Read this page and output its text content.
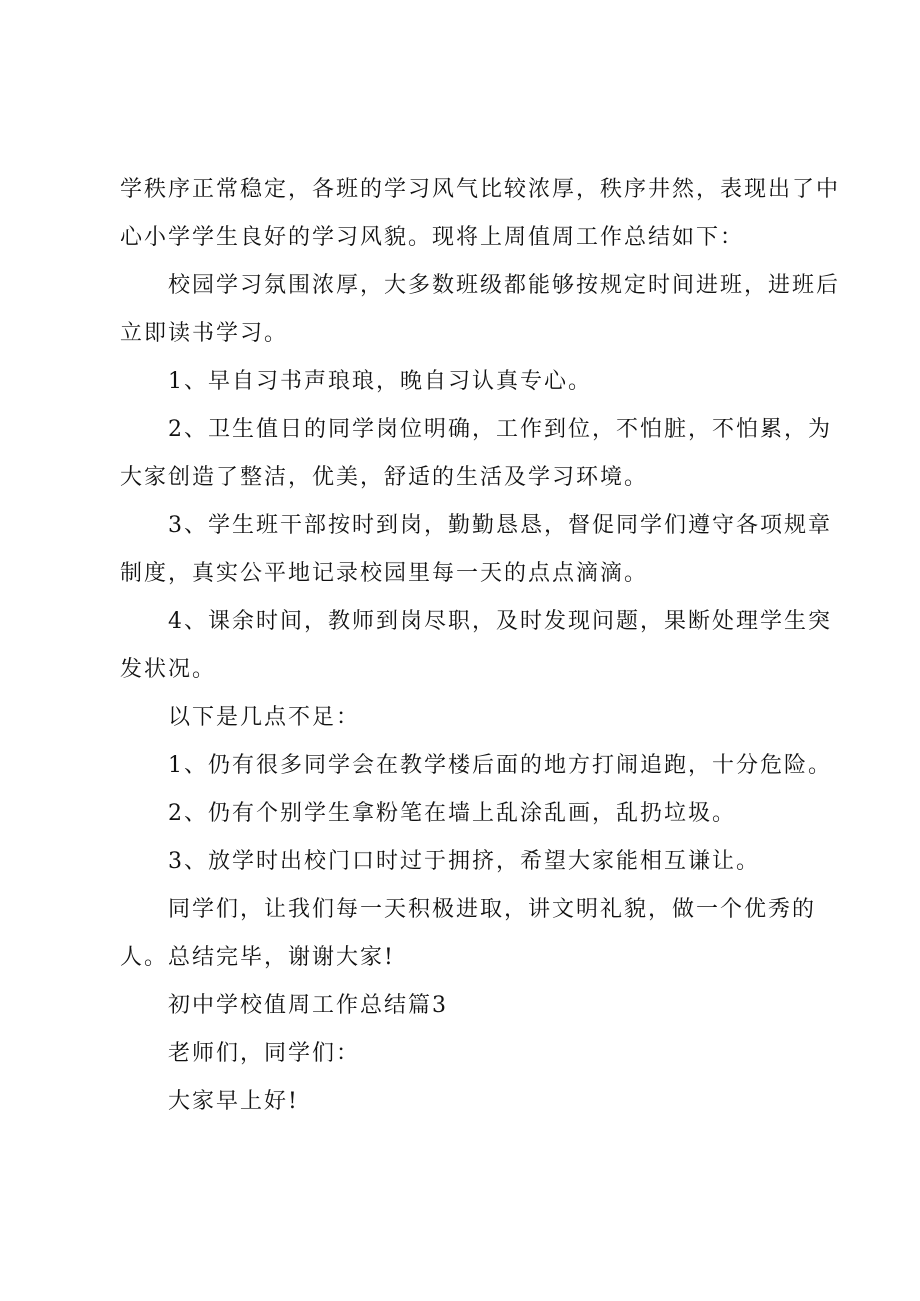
学秩序正常稳定，各班的学习风气比较浓厚，秩序井然，表现出了中心小学学生良好的学习风貌。现将上周值周工作总结如下：

校园学习氛围浓厚，大多数班级都能够按规定时间进班，进班后立即读书学习。

1、早自习书声琅琅，晚自习认真专心。

2、卫生值日的同学岗位明确，工作到位，不怕脏，不怕累，为大家创造了整洁，优美，舒适的生活及学习环境。

3、学生班干部按时到岗，勤勤恳恳，督促同学们遵守各项规章制度，真实公平地记录校园里每一天的点点滴滴。

4、课余时间，教师到岗尽职，及时发现问题，果断处理学生突发状况。

以下是几点不足：

1、仍有很多同学会在教学楼后面的地方打闹追跑，十分危险。

2、仍有个别学生拿粉笔在墙上乱涂乱画，乱扔垃圾。

3、放学时出校门口时过于拥挤，希望大家能相互谦让。

同学们，让我们每一天积极进取，讲文明礼貌，做一个优秀的人。总结完毕，谢谢大家!

初中学校值周工作总结篇3

老师们，同学们：

大家早上好!
